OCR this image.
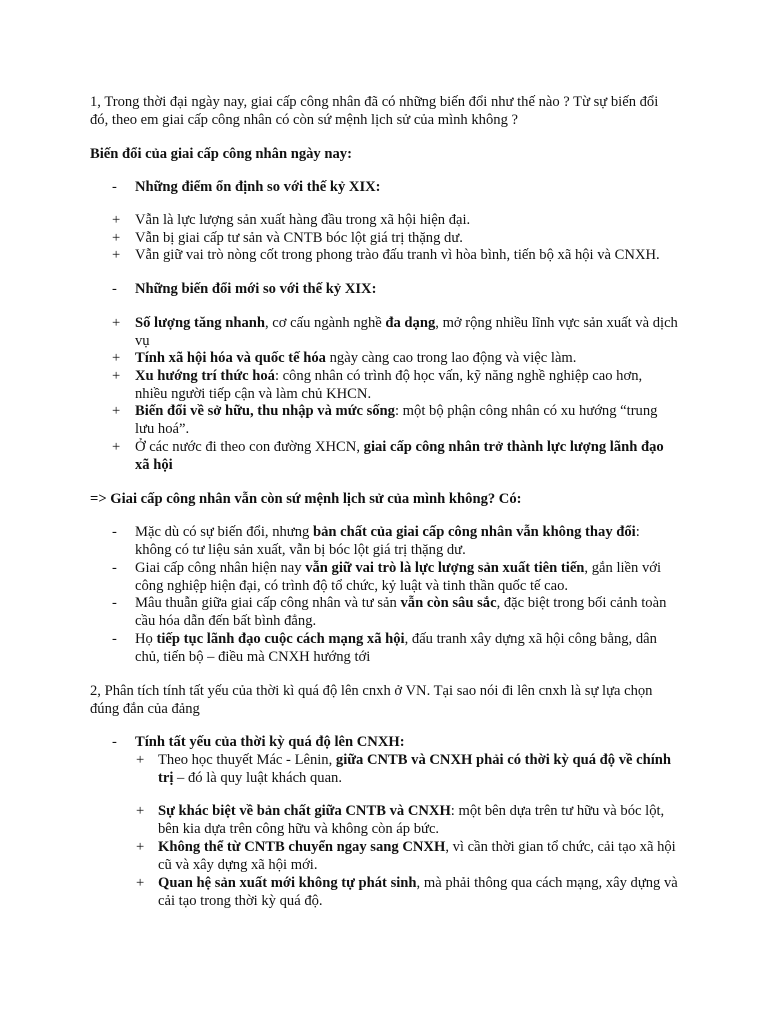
1, Trong thời đại ngày nay, giai cấp công nhân đã có những biến đổi như thế nào ? Từ sự biến đổi đó, theo em giai cấp công nhân có còn sứ mệnh lịch sử của mình không ?

Biến đổi của giai cấp công nhân ngày nay:

-	Những điểm ổn định so với thế kỷ XIX:
+	Vẫn là lực lượng sản xuất hàng đầu trong xã hội hiện đại.
+	Vẫn bị giai cấp tư sản và CNTB bóc lột giá trị thặng dư.
+	Vẫn giữ vai trò nòng cốt trong phong trào đấu tranh vì hòa bình, tiến bộ xã hội và CNXH.
-	Những biến đổi mới so với thế kỷ XIX:
+	Số lượng tăng nhanh, cơ cấu ngành nghề đa dạng, mở rộng nhiều lĩnh vực sản xuất và dịch vụ
+	Tính xã hội hóa và quốc tế hóa ngày càng cao trong lao động và việc làm.
+	Xu hướng trí thức hoá: công nhân có trình độ học vấn, kỹ năng nghề nghiệp cao hơn, nhiều người tiếp cận và làm chủ KHCN.
+	Biến đổi về sở hữu, thu nhập và mức sống: một bộ phận công nhân có xu hướng “trung lưu hoá”.
+	Ở các nước đi theo con đường XHCN, giai cấp công nhân trở thành lực lượng lãnh đạo xã hội

=> Giai cấp công nhân vẫn còn sứ mệnh lịch sử của mình không? Có:

-	Mặc dù có sự biến đổi, nhưng bản chất của giai cấp công nhân vẫn không thay đổi: không có tư liệu sản xuất, vẫn bị bóc lột giá trị thặng dư.
-	Giai cấp công nhân hiện nay vẫn giữ vai trò là lực lượng sản xuất tiên tiến, gắn liền với công nghiệp hiện đại, có trình độ tổ chức, kỷ luật và tinh thần quốc tế cao.
-	Mâu thuẫn giữa giai cấp công nhân và tư sản vẫn còn sâu sắc, đặc biệt trong bối cảnh toàn cầu hóa dẫn đến bất bình đẳng.
-	Họ tiếp tục lãnh đạo cuộc cách mạng xã hội, đấu tranh xây dựng xã hội công bằng, dân chủ, tiến bộ – điều mà CNXH hướng tới

2, Phân tích tính tất yếu của thời kì quá độ lên cnxh ở VN. Tại sao nói đi lên cnxh là sự lựa chọn đúng đắn của đảng

-	Tính tất yếu của thời kỳ quá độ lên CNXH:
+ Theo học thuyết Mác - Lênin, giữa CNTB và CNXH phải có thời kỳ quá độ về chính trị – đó là quy luật khách quan.
+ Sự khác biệt về bản chất giữa CNTB và CNXH: một bên dựa trên tư hữu và bóc lột, bên kia dựa trên công hữu và không còn áp bức.
+ Không thể từ CNTB chuyển ngay sang CNXH, vì cần thời gian tổ chức, cải tạo xã hội cũ và xây dựng xã hội mới.
+ Quan hệ sản xuất mới không tự phát sinh, mà phải thông qua cách mạng, xây dựng và cải tạo trong thời kỳ quá độ.
